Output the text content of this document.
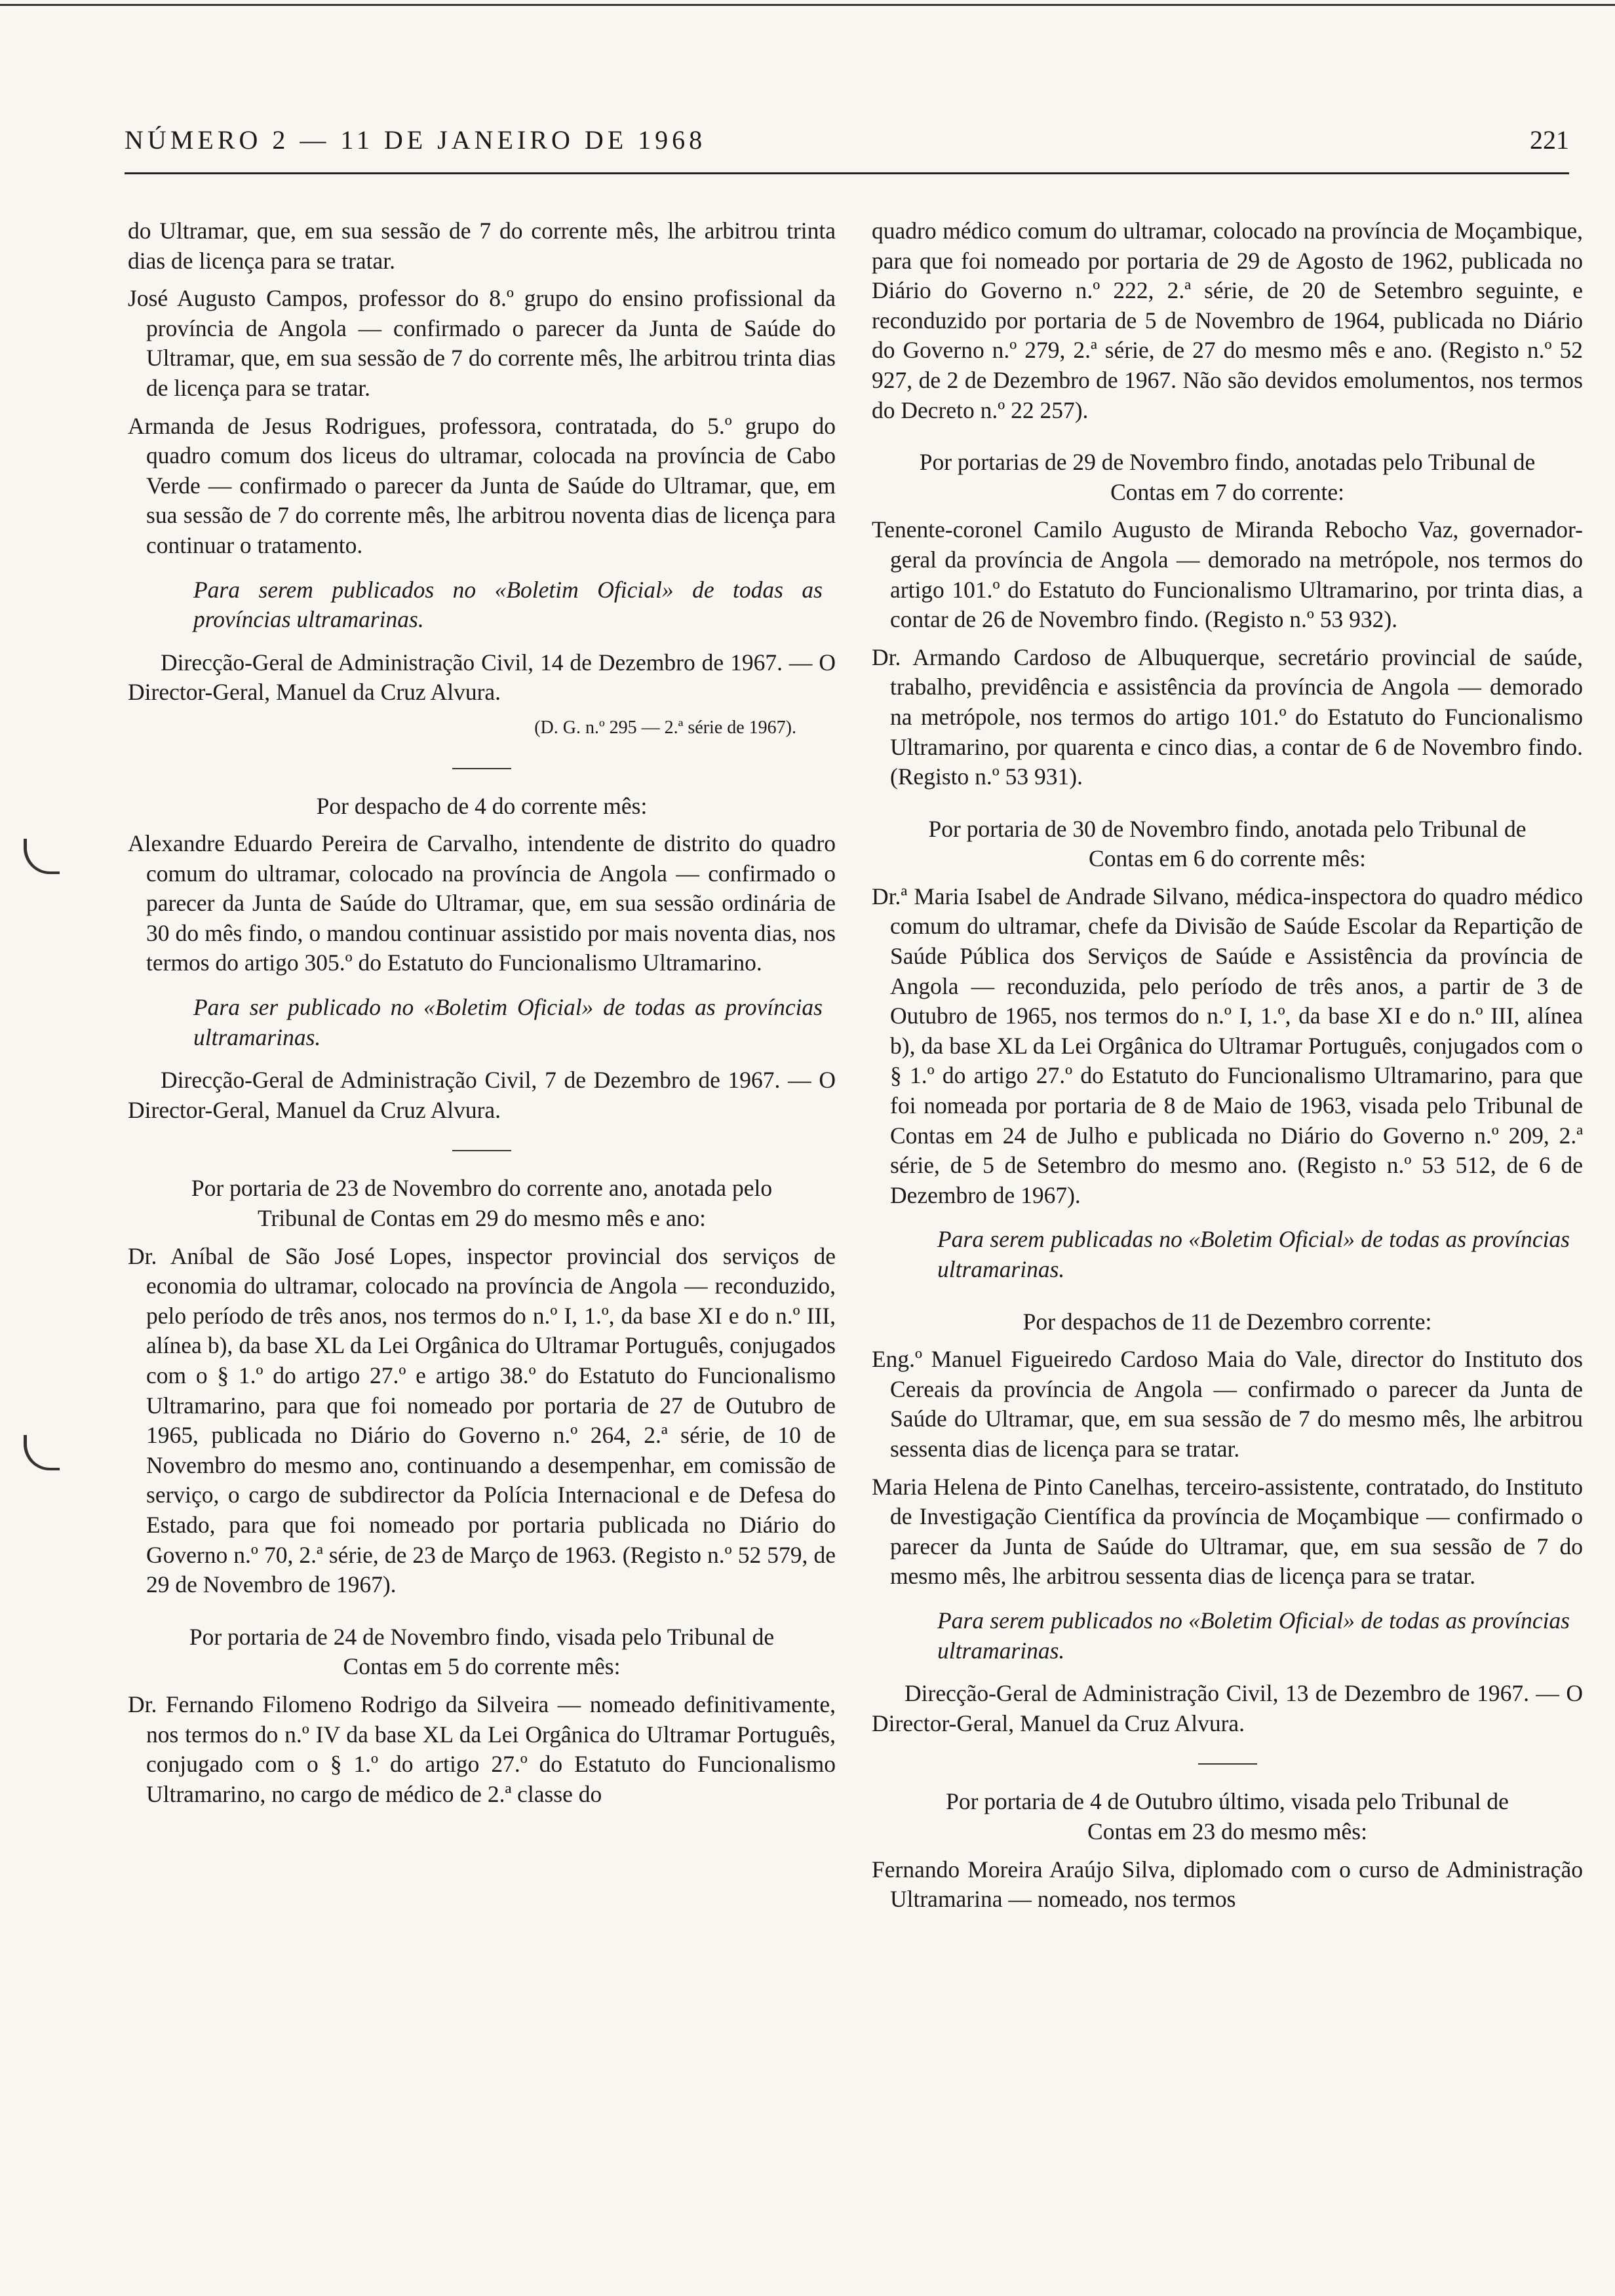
NÚMERO 2 — 11 DE JANEIRO DE 1968	221

do Ultramar, que, em sua sessão de 7 do corrente mês, lhe arbitrou trinta dias de licença para se tratar.

José Augusto Campos, professor do 8.º grupo do ensino profissional da província de Angola — confirmado o parecer da Junta de Saúde do Ultramar, que, em sua sessão de 7 do corrente mês, lhe arbitrou trinta dias de licença para se tratar.

Armanda de Jesus Rodrigues, professora, contratada, do 5.º grupo do quadro comum dos liceus do ultramar, colocada na província de Cabo Verde — confirmado o parecer da Junta de Saúde do Ultramar, que, em sua sessão de 7 do corrente mês, lhe arbitrou noventa dias de licença para continuar o tratamento.

Para serem publicados no «Boletim Oficial» de todas as províncias ultramarinas.

Direcção-Geral de Administração Civil, 14 de Dezembro de 1967. — O Director-Geral, Manuel da Cruz Alvura.

(D. G. n.º 295 — 2.ª série de 1967).

Por despacho de 4 do corrente mês:

Alexandre Eduardo Pereira de Carvalho, intendente de distrito do quadro comum do ultramar, colocado na província de Angola — confirmado o parecer da Junta de Saúde do Ultramar, que, em sua sessão ordinária de 30 do mês findo, o mandou continuar assistido por mais noventa dias, nos termos do artigo 305.º do Estatuto do Funcionalismo Ultramarino.

Para ser publicado no «Boletim Oficial» de todas as províncias ultramarinas.

Direcção-Geral de Administração Civil, 7 de Dezembro de 1967. — O Director-Geral, Manuel da Cruz Alvura.

Por portaria de 23 de Novembro do corrente ano, anotada pelo Tribunal de Contas em 29 do mesmo mês e ano:

Dr. Aníbal de São José Lopes, inspector provincial dos serviços de economia do ultramar, colocado na província de Angola — reconduzido, pelo período de três anos, nos termos do n.º I, 1.º, da base XI e do n.º III, alínea b), da base XL da Lei Orgânica do Ultramar Português, conjugados com o § 1.º do artigo 27.º e artigo 38.º do Estatuto do Funcionalismo Ultramarino, para que foi nomeado por portaria de 27 de Outubro de 1965, publicada no Diário do Governo n.º 264, 2.ª série, de 10 de Novembro do mesmo ano, continuando a desempenhar, em comissão de serviço, o cargo de subdirector da Polícia Internacional e de Defesa do Estado, para que foi nomeado por portaria publicada no Diário do Governo n.º 70, 2.ª série, de 23 de Março de 1963. (Registo n.º 52 579, de 29 de Novembro de 1967).

Por portaria de 24 de Novembro findo, visada pelo Tribunal de Contas em 5 do corrente mês:

Dr. Fernando Filomeno Rodrigo da Silveira — nomeado definitivamente, nos termos do n.º IV da base XL da Lei Orgânica do Ultramar Português, conjugado com o § 1.º do artigo 27.º do Estatuto do Funcionalismo Ultramarino, no cargo de médico de 2.ª classe do

quadro médico comum do ultramar, colocado na província de Moçambique, para que foi nomeado por portaria de 29 de Agosto de 1962, publicada no Diário do Governo n.º 222, 2.ª série, de 20 de Setembro seguinte, e reconduzido por portaria de 5 de Novembro de 1964, publicada no Diário do Governo n.º 279, 2.ª série, de 27 do mesmo mês e ano. (Registo n.º 52 927, de 2 de Dezembro de 1967. Não são devidos emolumentos, nos termos do Decreto n.º 22 257).

Por portarias de 29 de Novembro findo, anotadas pelo Tribunal de Contas em 7 do corrente:

Tenente-coronel Camilo Augusto de Miranda Rebocho Vaz, governador-geral da província de Angola — demorado na metrópole, nos termos do artigo 101.º do Estatuto do Funcionalismo Ultramarino, por trinta dias, a contar de 26 de Novembro findo. (Registo n.º 53 932).

Dr. Armando Cardoso de Albuquerque, secretário provincial de saúde, trabalho, previdência e assistência da província de Angola — demorado na metrópole, nos termos do artigo 101.º do Estatuto do Funcionalismo Ultramarino, por quarenta e cinco dias, a contar de 6 de Novembro findo. (Registo n.º 53 931).

Por portaria de 30 de Novembro findo, anotada pelo Tribunal de Contas em 6 do corrente mês:

Dr.ª Maria Isabel de Andrade Silvano, médica-inspectora do quadro médico comum do ultramar, chefe da Divisão de Saúde Escolar da Repartição de Saúde Pública dos Serviços de Saúde e Assistência da província de Angola — reconduzida, pelo período de três anos, a partir de 3 de Outubro de 1965, nos termos do n.º I, 1.º, da base XI e do n.º III, alínea b), da base XL da Lei Orgânica do Ultramar Português, conjugados com o § 1.º do artigo 27.º do Estatuto do Funcionalismo Ultramarino, para que foi nomeada por portaria de 8 de Maio de 1963, visada pelo Tribunal de Contas em 24 de Julho e publicada no Diário do Governo n.º 209, 2.ª série, de 5 de Setembro do mesmo ano. (Registo n.º 53 512, de 6 de Dezembro de 1967).

Para serem publicadas no «Boletim Oficial» de todas as províncias ultramarinas.

Por despachos de 11 de Dezembro corrente:

Eng.º Manuel Figueiredo Cardoso Maia do Vale, director do Instituto dos Cereais da província de Angola — confirmado o parecer da Junta de Saúde do Ultramar, que, em sua sessão de 7 do mesmo mês, lhe arbitrou sessenta dias de licença para se tratar.

Maria Helena de Pinto Canelhas, terceiro-assistente, contratado, do Instituto de Investigação Científica da província de Moçambique — confirmado o parecer da Junta de Saúde do Ultramar, que, em sua sessão de 7 do mesmo mês, lhe arbitrou sessenta dias de licença para se tratar.

Para serem publicados no «Boletim Oficial» de todas as províncias ultramarinas.

Direcção-Geral de Administração Civil, 13 de Dezembro de 1967. — O Director-Geral, Manuel da Cruz Alvura.

Por portaria de 4 de Outubro último, visada pelo Tribunal de Contas em 23 do mesmo mês:

Fernando Moreira Araújo Silva, diplomado com o curso de Administração Ultramarina — nomeado, nos termos
